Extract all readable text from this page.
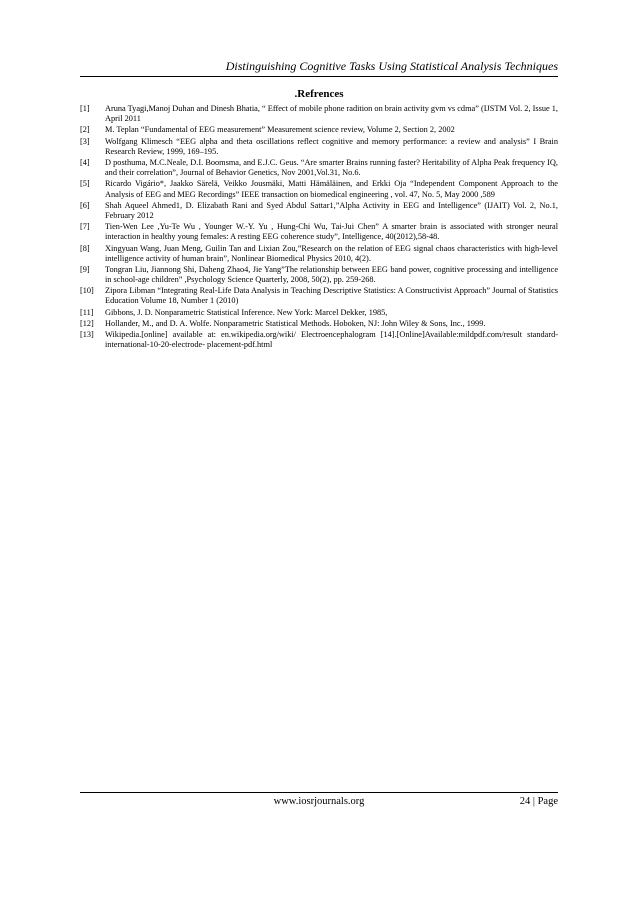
Distinguishing Cognitive Tasks Using Statistical Analysis Techniques
.Refrences
[1]	Aruna Tyagi,Manoj Duhan and Dinesh Bhatia, “ Effect of mobile phone radition on brain activity gvm vs cdma” (IJSTM Vol. 2, Issue 1, April 2011
[2]	M. Teplan “Fundamental of EEG measurement” Measurement science review, Volume 2, Section 2, 2002
[3]	Wolfgang Klimesch “EEG alpha and theta oscillations reflect cognitive and memory performance: a review and analysis” I Brain Research Review, 1999, 169–195.
[4]	D posthuma, M.C.Neale, D.I. Boomsma, and E.J.C. Geus. “Are smarter Brains running faster? Heritability of Alpha Peak frequency IQ, and their correlation”, Journal of Behavior Genetics, Nov 2001,Vol.31, No.6.
[5]	Ricardo Vigário*, Jaakko Särelä, Veikko Jousmäki, Matti Hämäläinen, and Erkki Oja “Independent Component Approach to the Analysis of EEG and MEG Recordings” IEEE transaction on biomedical engineering , vol. 47, No. 5, May 2000 ,589
[6]	Shah Aqueel Ahmed1, D. Elizabath Rani and Syed Abdul Sattar1,”Alpha Activity in EEG and Intelligence” (IJAIT) Vol. 2, No.1, February 2012
[7]	Tien-Wen Lee ,Yu-Te Wu , Younger W.-Y. Yu , Hung-Chi Wu, Tai-Jui Chen” A smarter brain is associated with stronger neural interaction in healthy young females: A resting EEG coherence study”, Intelligence, 40(2012),58-48.
[8]	Xingyuan Wang, Juan Meng, Guilin Tan and Lixian Zou,”Research on the relation of EEG signal chaos characteristics with high-level intelligence activity of human brain”, Nonlinear Biomedical Physics 2010, 4(2).
[9]	Tongran Liu, Jiannong Shi, Daheng Zhao4, Jie Yang”The relationship between EEG band power, cognitive processing and intelligence in school-age children” ,Psychology Science Quarterly, 2008, 50(2), pp. 259-268.
[10]	Zipora Libman “Integrating Real-Life Data Analysis in Teaching Descriptive Statistics: A Constructivist Approach” Journal of Statistics Education Volume 18, Number 1 (2010)
[11]	Gibbons, J. D. Nonparametric Statistical Inference. New York: Marcel Dekker, 1985,
[12]	Hollander, M., and D. A. Wolfe. Nonparametric Statistical Methods. Hoboken, NJ: John Wiley & Sons, Inc., 1999.
[13]	Wikipedia.[online] available at: en.wikipedia.org/wiki/ Electroencephalogram [14].[Online]Available:mildpdf.com/result standard-international-10-20-electrode- placement-pdf.html
www.iosrjournals.org	24 | Page
